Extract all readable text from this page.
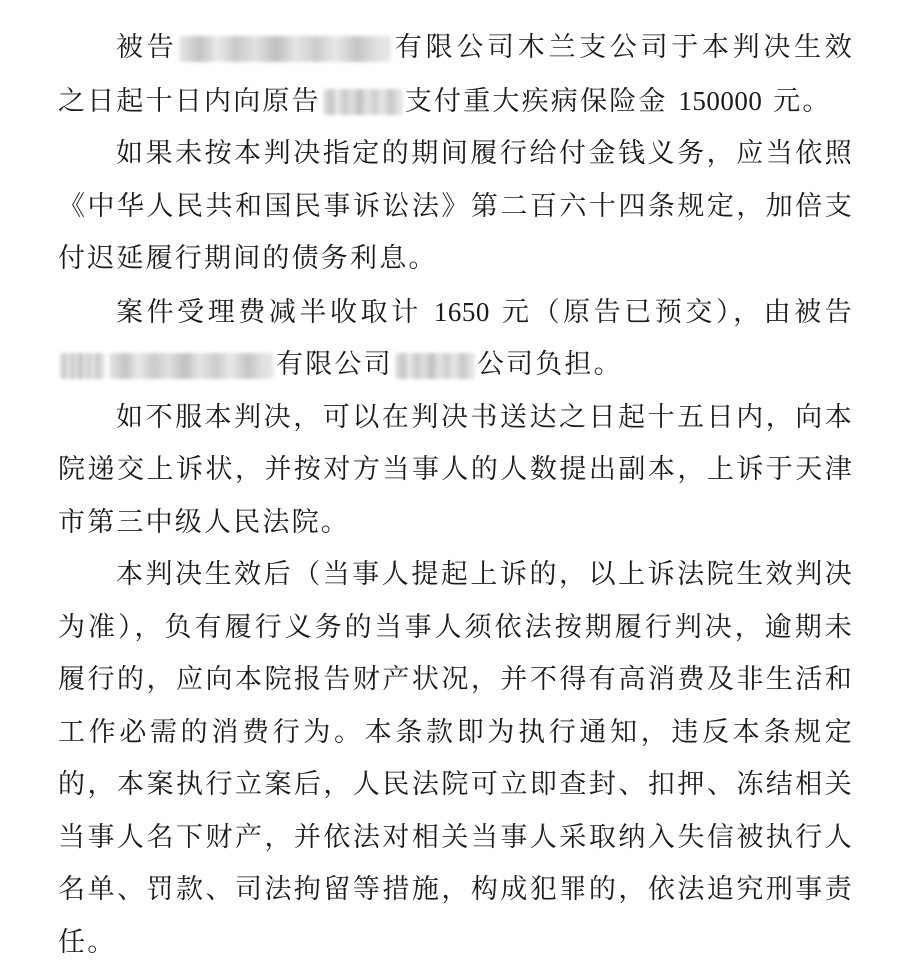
被告	有限公司木兰支公司于本判决生效之日起十日内向原告	支付重大疾病保险金 150000 元。

如果未按本判决指定的期间履行给付金钱义务，应当依照《中华人民共和国民事诉讼法》第二百六十四条规定，加倍支付迟延履行期间的债务利息。

案件受理费减半收取计 1650 元（原告已预交），由被告有限公司	公司负担。

如不服本判决，可以在判决书送达之日起十五日内，向本院递交上诉状，并按对方当事人的人数提出副本，上诉于天津市第三中级人民法院。

本判决生效后（当事人提起上诉的，以上诉法院生效判决为准），负有履行义务的当事人须依法按期履行判决，逾期未履行的，应向本院报告财产状况，并不得有高消费及非生活和工作必需的消费行为。本条款即为执行通知，违反本条规定的，本案执行立案后，人民法院可立即查封、扣押、冻结相关当事人名下财产，并依法对相关当事人采取纳入失信被执行人名单、罚款、司法拘留等措施，构成犯罪的，依法追究刑事责任。
